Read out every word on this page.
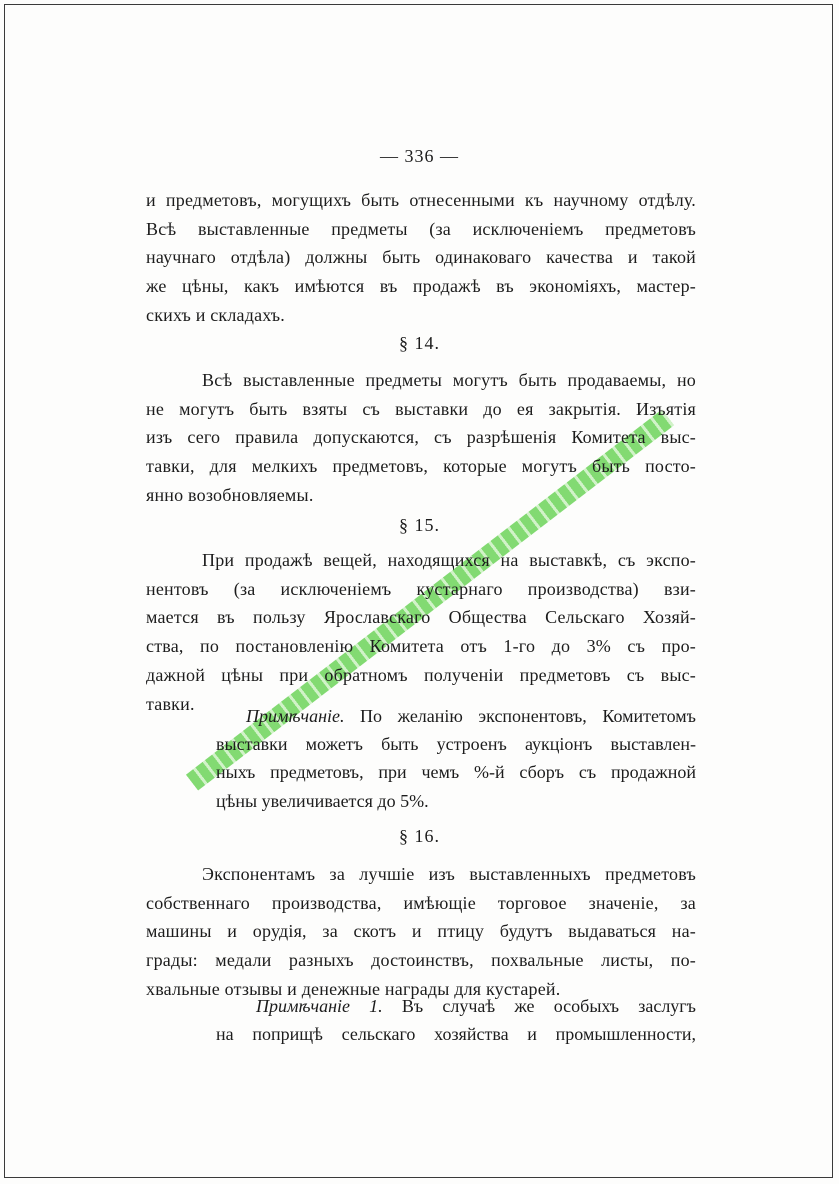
— 336 —
и предметовъ, могущихъ быть отнесенными къ научному отдѣлу.
Всѣ выставленные предметы (за исключеніемъ предметовъ
научнаго отдѣла) должны быть одинаковаго качества и такой
же цѣны, какъ имѣются въ продажѣ въ экономіяхъ, мастер-
скихъ и складахъ.
§ 14.
Всѣ выставленные предметы могутъ быть продаваемы, но
не могутъ быть взяты съ выставки до ея закрытія. Изъятія
изъ сего правила допускаются, съ разрѣшенія Комитета выс-
тавки, для мелкихъ предметовъ, которые могутъ быть посто-
янно возобновляемы.
§ 15.
При продажѣ вещей, находящихся на выставкѣ, съ экспо-
нентовъ (за исключеніемъ кустарнаго производства) взи-
мается въ пользу Ярославскаго Общества Сельскаго Хозяй-
ства, по постановленію Комитета отъ 1-го до 3% съ про-
дажной цѣны при обратномъ полученіи предметовъ съ выс-
тавки.
Примѣчаніе. По желанію экспонентовъ, Комитетомъ
выставки можетъ быть устроенъ аукціонъ выставлен-
ныхъ предметовъ, при чемъ %-й сборъ съ продажной
цѣны увеличивается до 5%.
§ 16.
Экспонентамъ за лучшіе изъ выставленныхъ предметовъ
собственнаго производства, имѣющіе торговое значеніе, за
машины и орудія, за скотъ и птицу будутъ выдаваться на-
грады: медали разныхъ достоинствъ, похвальные листы, по-
хвальные отзывы и денежные награды для кустарей.
Примѣчаніе 1. Въ случаѣ же особыхъ заслугъ
на поприщѣ сельскаго хозяйства и промышленности,
